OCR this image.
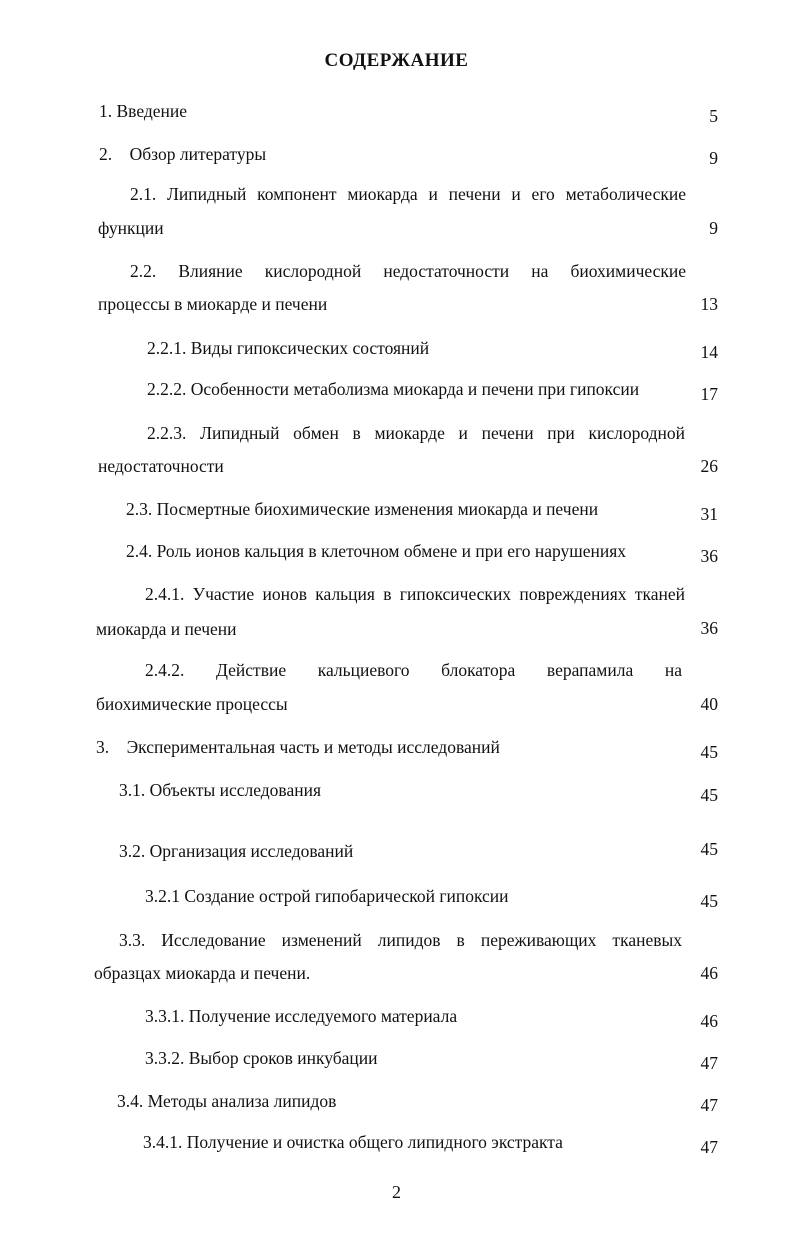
СОДЕРЖАНИЕ
1. Введение	5
2. Обзор литературы	9
2.1. Липидный компонент миокарда и печени и его метаболические
функции	9
2.2. Влияние кислородной недостаточности на биохимические
процессы в миокарде и печени	13
2.2.1. Виды гипоксических состояний	14
2.2.2. Особенности метаболизма миокарда и печени при гипоксии	17
2.2.3. Липидный обмен в миокарде и печени при кислородной
недостаточности	26
2.3. Посмертные биохимические изменения миокарда и печени	31
2.4. Роль ионов кальция в клеточном обмене и при его нарушениях	36
2.4.1. Участие ионов кальция в гипоксических повреждениях тканей
миокарда и печени	36
2.4.2. Действие кальциевого блокатора верапамила на
биохимические процессы	40
3. Экспериментальная часть и методы исследований	45
3.1. Объекты исследования	45
3.2. Организация исследований	45
3.2.1 Создание острой гипобарической гипоксии	45
3.3. Исследование изменений липидов в переживающих тканевых
образцах миокарда и печени.	46
3.3.1. Получение исследуемого материала	46
3.3.2. Выбор сроков инкубации	47
3.4. Методы анализа липидов	47
3.4.1. Получение и очистка общего липидного экстракта	47
2
